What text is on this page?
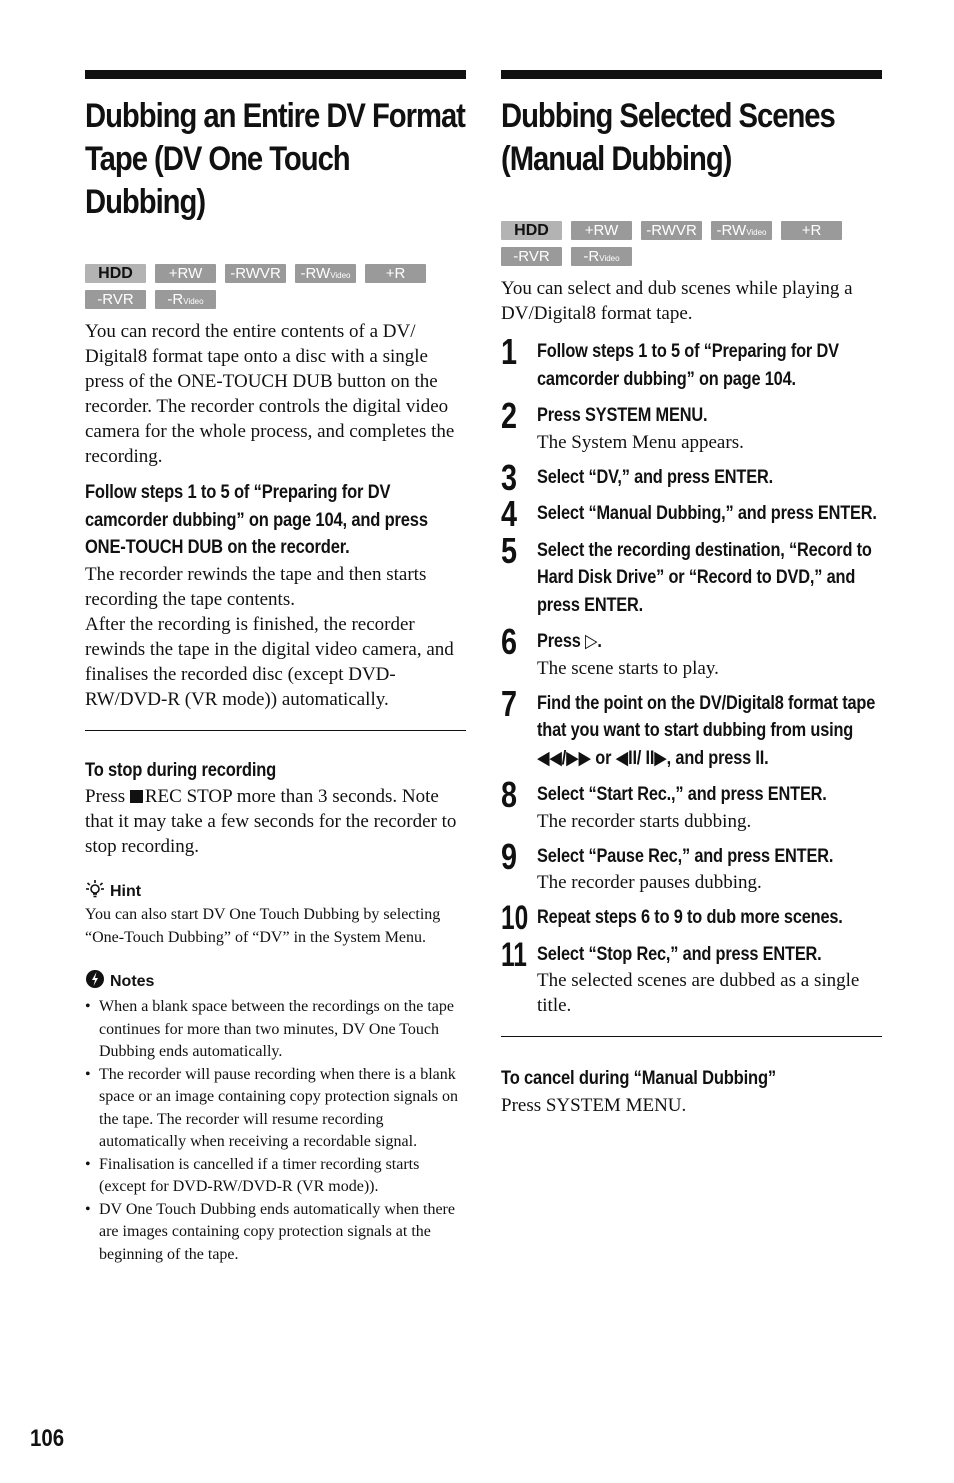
Dubbing an Entire DV Format Tape (DV One Touch Dubbing)
HDD	+RW	-RWVR	-RWVideo	+R
-RVR	-RVideo

You can record the entire contents of a DV/ Digital8 format tape onto a disc with a single press of the ONE-TOUCH DUB button on the recorder. The recorder controls the digital video camera for the whole process, and completes the recording.

Follow steps 1 to 5 of “Preparing for DV camcorder dubbing” on page 104, and press ONE-TOUCH DUB on the recorder.

The recorder rewinds the tape and then starts recording the tape contents.

After the recording is finished, the recorder rewinds the tape in the digital video camera, and finalises the recorded disc (except DVD-RW/DVD-R (VR mode)) automatically.

To stop during recording

Press REC STOP more than 3 seconds. Note that it may take a few seconds for the recorder to stop recording.

Hint

You can also start DV One Touch Dubbing by selecting “One-Touch Dubbing” of “DV” in the System Menu.

Notes
• When a blank space between the recordings on the tape continues for more than two minutes, DV One Touch Dubbing ends automatically.
• The recorder will pause recording when there is a blank space or an image containing copy protection signals on the tape. The recorder will resume recording automatically when receiving a recordable signal.
• Finalisation is cancelled if a timer recording starts (except for DVD-RW/DVD-R (VR mode)).
• DV One Touch Dubbing ends automatically when there are images containing copy protection signals at the beginning of the tape.
Dubbing Selected Scenes (Manual Dubbing)
HDD	+RW	-RWVR	-RWVideo	+R
-RVR	-RVideo

You can select and dub scenes while playing a DV/Digital8 format tape.

1 Follow steps 1 to 5 of “Preparing for DV camcorder dubbing” on page 104.
2 Press SYSTEM MENU.

The System Menu appears.

3 Select “DV,” and press ENTER.
4 Select “Manual Dubbing,” and press ENTER.
5 Select the recording destination, “Record to Hard Disk Drive” or “Record to DVD,” and press ENTER.
6 Press ▷.

The scene starts to play.

7 Find the point on the DV/Digital8 format tape that you want to start dubbing from using ◀◀/▶▶ or ◀II/ II▶, and press II.
8 Select “Start Rec.,” and press ENTER.

The recorder starts dubbing.

9 Select “Pause Rec,” and press ENTER.

The recorder pauses dubbing.

10 Repeat steps 6 to 9 to dub more scenes.
11 Select “Stop Rec,” and press ENTER.

The selected scenes are dubbed as a single title.

To cancel during “Manual Dubbing”

Press SYSTEM MENU.

106
